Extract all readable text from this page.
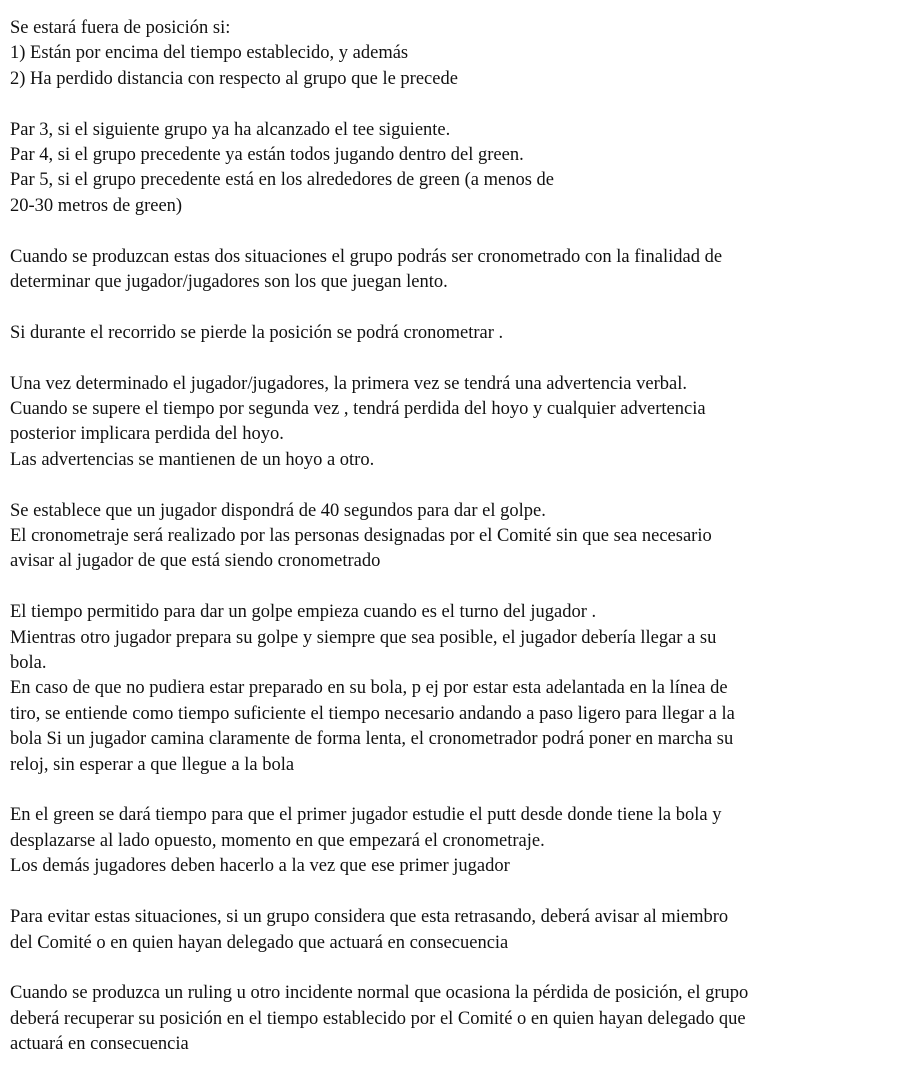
Se estará fuera de posición si:
1) Están por encima del tiempo establecido, y además
2) Ha perdido distancia con respecto al grupo que le precede

Par 3, si el siguiente grupo ya ha alcanzado el tee siguiente.
Par 4, si el grupo precedente ya están todos jugando dentro del green.
Par 5, si el grupo precedente está en los alrededores de green (a menos de
20-30 metros de green)

Cuando se produzcan estas dos situaciones el grupo podrás ser cronometrado con la finalidad de
determinar que jugador/jugadores son los que juegan lento.

Si durante el recorrido se pierde la posición se podrá cronometrar .

Una vez determinado el jugador/jugadores, la primera vez se tendrá una advertencia verbal.
Cuando se supere el tiempo por segunda vez , tendrá perdida del hoyo y cualquier advertencia
posterior implicara perdida del hoyo.
Las advertencias se mantienen de un hoyo a otro.

Se establece que un jugador dispondrá de 40 segundos para dar el golpe.
El cronometraje será realizado por las personas designadas por el Comité sin que sea necesario
avisar al jugador de que está siendo cronometrado

El tiempo permitido para dar un golpe empieza cuando es el turno del jugador .
Mientras otro jugador prepara su golpe y siempre que sea posible, el jugador debería llegar a su
bola.
En caso de que no pudiera estar preparado en su bola, p ej por estar esta adelantada en la línea de
tiro, se entiende como tiempo suficiente el tiempo necesario andando a paso ligero para llegar a la
bola Si un jugador camina claramente de forma lenta, el cronometrador podrá poner en marcha su
reloj, sin esperar a que llegue a la bola

En el green se dará tiempo para que el primer jugador estudie el putt desde donde tiene la bola y
desplazarse al lado opuesto, momento en que empezará el cronometraje.
Los demás jugadores deben hacerlo a la vez que ese primer jugador

Para evitar estas situaciones, si un grupo considera que esta retrasando, deberá avisar al miembro
del Comité o en quien hayan delegado que actuará en consecuencia

Cuando se produzca un ruling u otro incidente normal que ocasiona la pérdida de posición, el grupo
deberá recuperar su posición en el tiempo establecido por el Comité o en quien hayan delegado que
actuará en consecuencia
